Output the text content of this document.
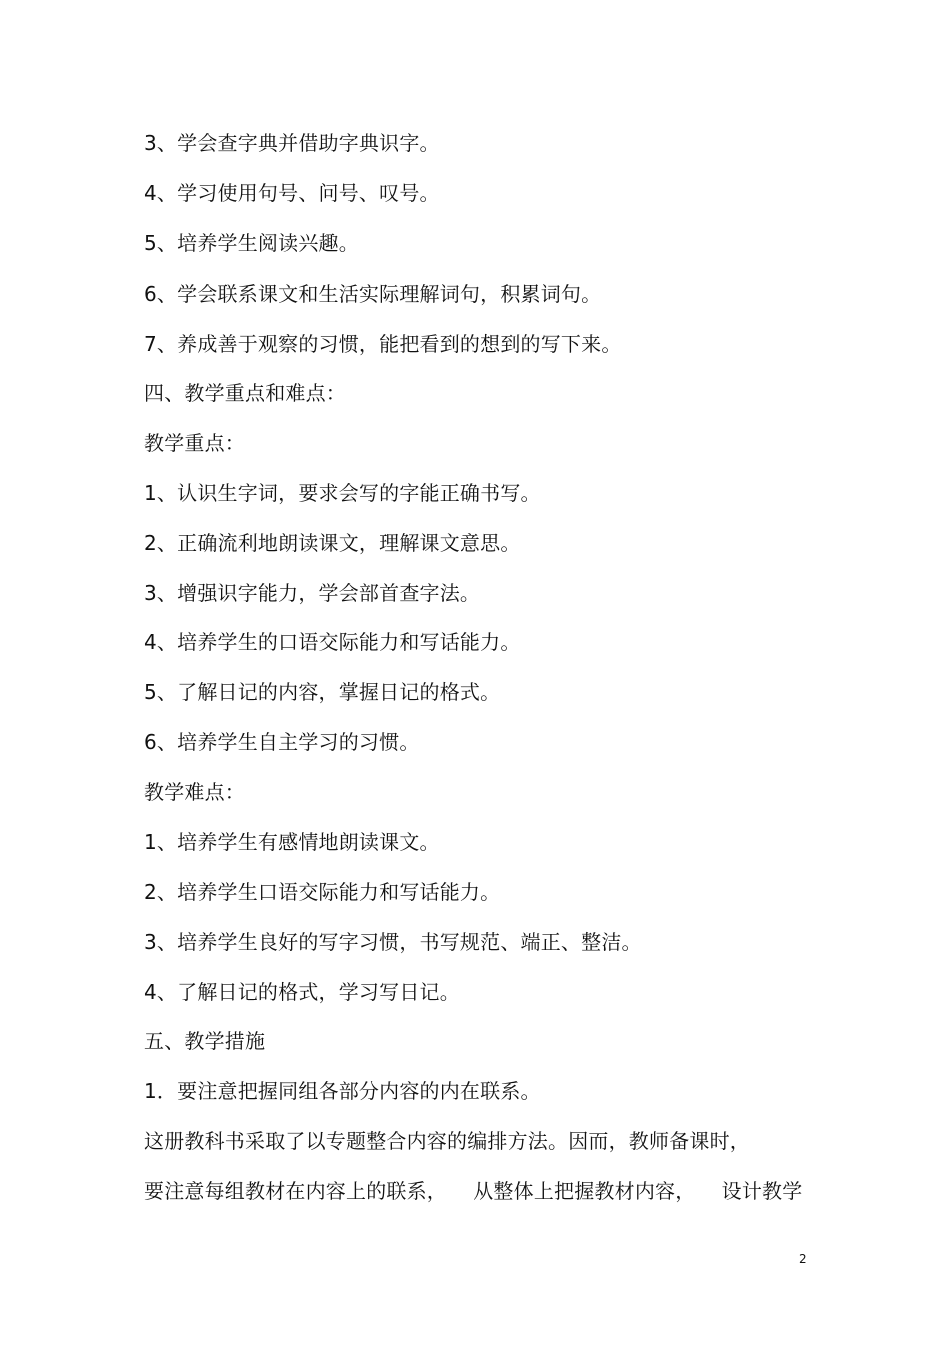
3、学会查字典并借助字典识字。
4、学习使用句号、问号、叹号。
5、培养学生阅读兴趣。
6、学会联系课文和生活实际理解词句，积累词句。
7、养成善于观察的习惯，能把看到的想到的写下来。
四、教学重点和难点：
教学重点：
1、认识生字词，要求会写的字能正确书写。
2、正确流利地朗读课文，理解课文意思。
3、增强识字能力，学会部首查字法。
4、培养学生的口语交际能力和写话能力。
5、了解日记的内容，掌握日记的格式。
6、培养学生自主学习的习惯。
教学难点：
1、培养学生有感情地朗读课文。
2、培养学生口语交际能力和写话能力。
3、培养学生良好的写字习惯，书写规范、端正、整洁。
4、了解日记的格式，学习写日记。
五、教学措施
1．要注意把握同组各部分内容的内在联系。
这册教科书采取了以专题整合内容的编排方法。因而，教师备课时，
要注意每组教材在内容上的联系，    从整体上把握教材内容，    设计教学
2
